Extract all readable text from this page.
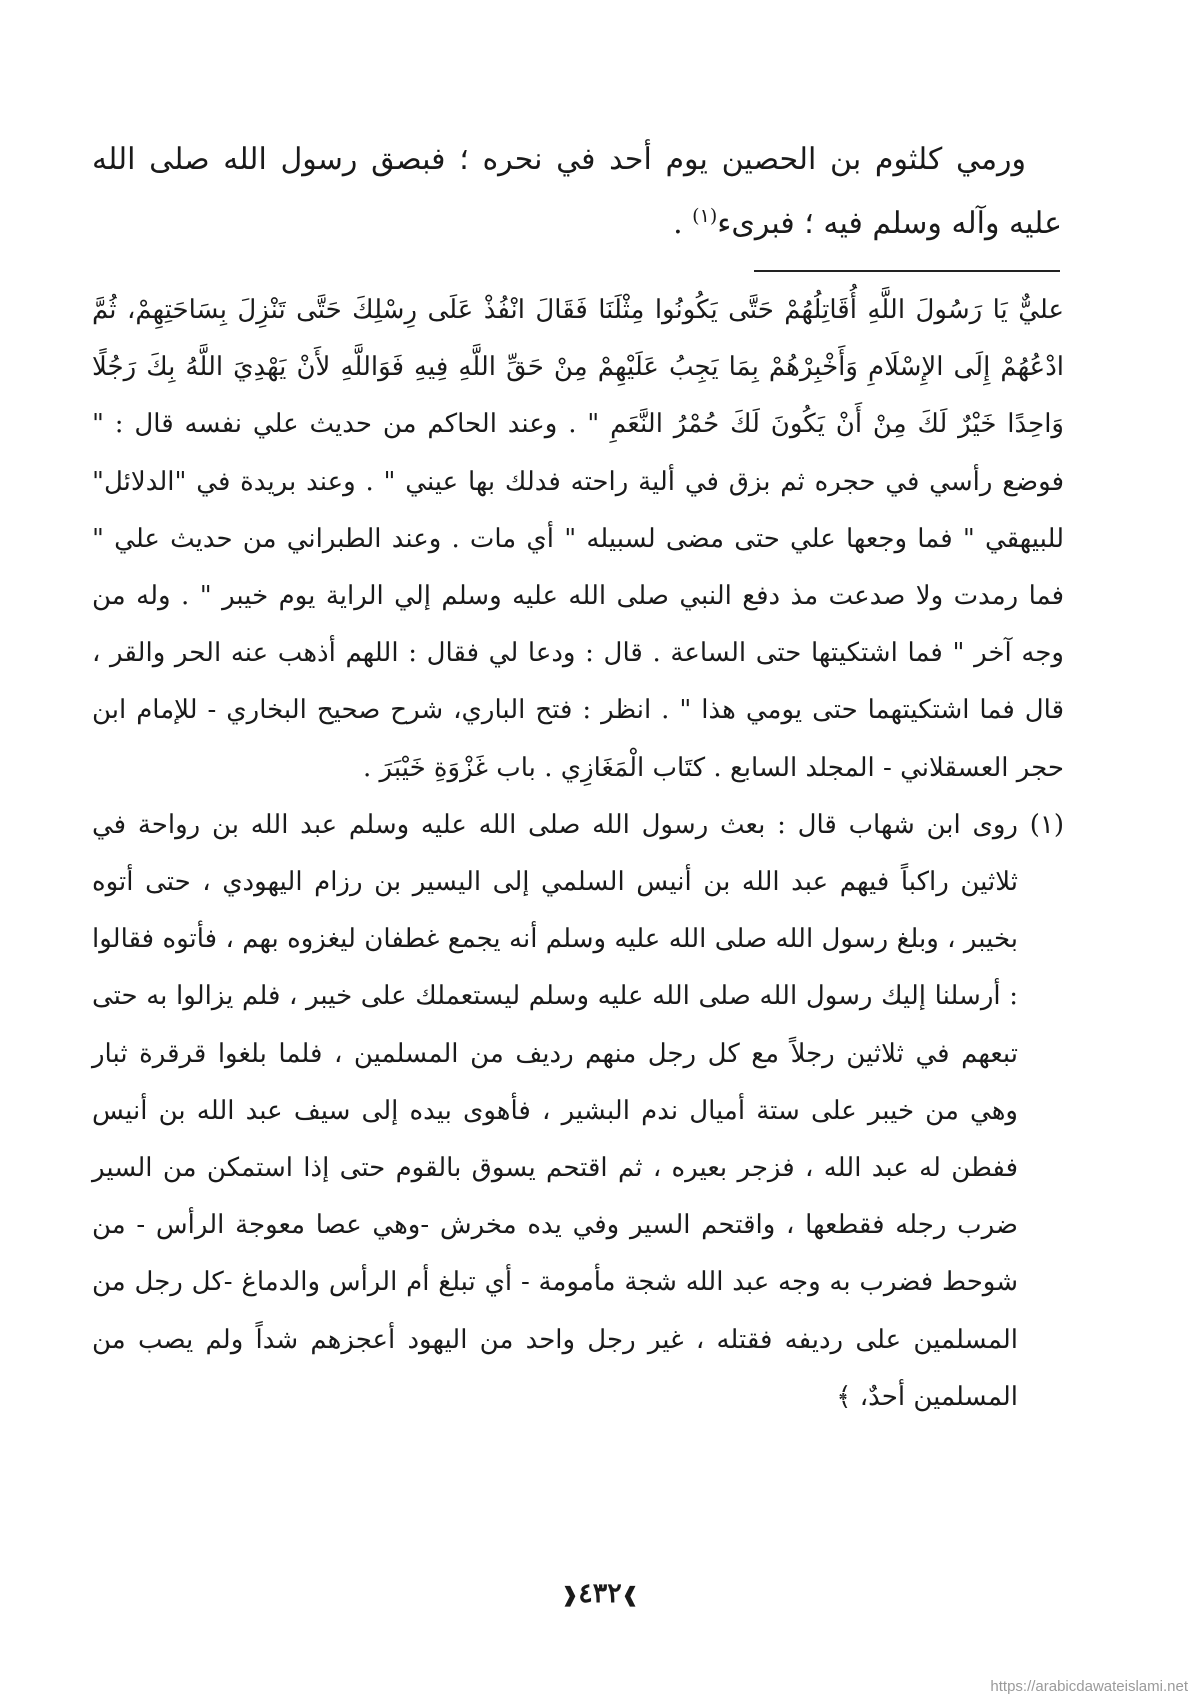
ورمي كلثوم بن الحصين يوم أحد في نحره ؛ فبصق رسول الله صلى الله عليه وآله وسلم فيه ؛ فبرىء$^{(١)}$ .

عليٌّ يَا رَسُولَ اللَّهِ أُقَاتِلُهُمْ حَتَّى يَكُونُوا مِثْلَنَا فَقَالَ انْفُذْ عَلَى رِسْلِكَ حَتَّى تَنْزِلَ بِسَاحَتِهِمْ، ثُمَّ ادْعُهُمْ إِلَى الإِسْلَامِ وَأَخْبِرْهُمْ بِمَا يَجِبُ عَلَيْهِمْ مِنْ حَقِّ اللَّهِ فِيهِ فَوَاللَّهِ لأَنْ يَهْدِيَ اللَّهُ بِكَ رَجُلًا وَاحِدًا خَيْرٌ لَكَ مِنْ أَنْ يَكُونَ لَكَ حُمْرُ النَّعَمِ " . وعند الحاكم من حديث علي نفسه قال : " فوضع رأسي في حجره ثم بزق في ألية راحته فدلك بها عيني " . وعند بريدة في "الدلائل" للبيهقي " فما وجعها علي حتى مضى لسبيله " أي مات . وعند الطبراني من حديث علي " فما رمدت ولا صدعت مذ دفع النبي صلى الله عليه وسلم إلي الراية يوم خيبر " . وله من وجه آخر " فما اشتكيتها حتى الساعة . قال : ودعا لي فقال : اللهم أذهب عنه الحر والقر ، قال فما اشتكيتهما حتى يومي هذا " . انظر : فتح الباري، شرح صحيح البخاري - للإمام ابن حجر العسقلاني - المجلد السابع . كتَاب الْمَغَازِي . باب غَزْوَةِ خَيْبَرَ .

(١) روى ابن شهاب قال : بعث رسول الله صلى الله عليه وسلم عبد الله بن رواحة في ثلاثين راكباً فيهم عبد الله بن أنيس السلمي إلى اليسير بن رزام اليهودي ، حتى أتوه بخيبر ، وبلغ رسول الله صلى الله عليه وسلم أنه يجمع غطفان ليغزوه بهم ، فأتوه فقالوا : أرسلنا إليك رسول الله صلى الله عليه وسلم ليستعملك على خيبر ، فلم يزالوا به حتى تبعهم في ثلاثين رجلاً مع كل رجل منهم رديف من المسلمين ، فلما بلغوا قرقرة ثبار وهي من خيبر على ستة أميال ندم البشير ، فأهوى بيده إلى سيف عبد الله بن أنيس ففطن له عبد الله ، فزجر بعيره ، ثم اقتحم يسوق بالقوم حتى إذا استمكن من السير ضرب رجله فقطعها ، واقتحم السير وفي يده مخرش -وهي عصا معوجة الرأس - من شوحط فضرب به وجه عبد الله شجة مأمومة - أي تبلغ أم الرأس والدماغ -كل رجل من المسلمين على رديفه فقتله ، غير رجل واحد من اليهود أعجزهم شداً ولم يصب من المسلمين أحدٌ، ﴾

❱٤٣٢❰
https://arabicdawateislami.net
